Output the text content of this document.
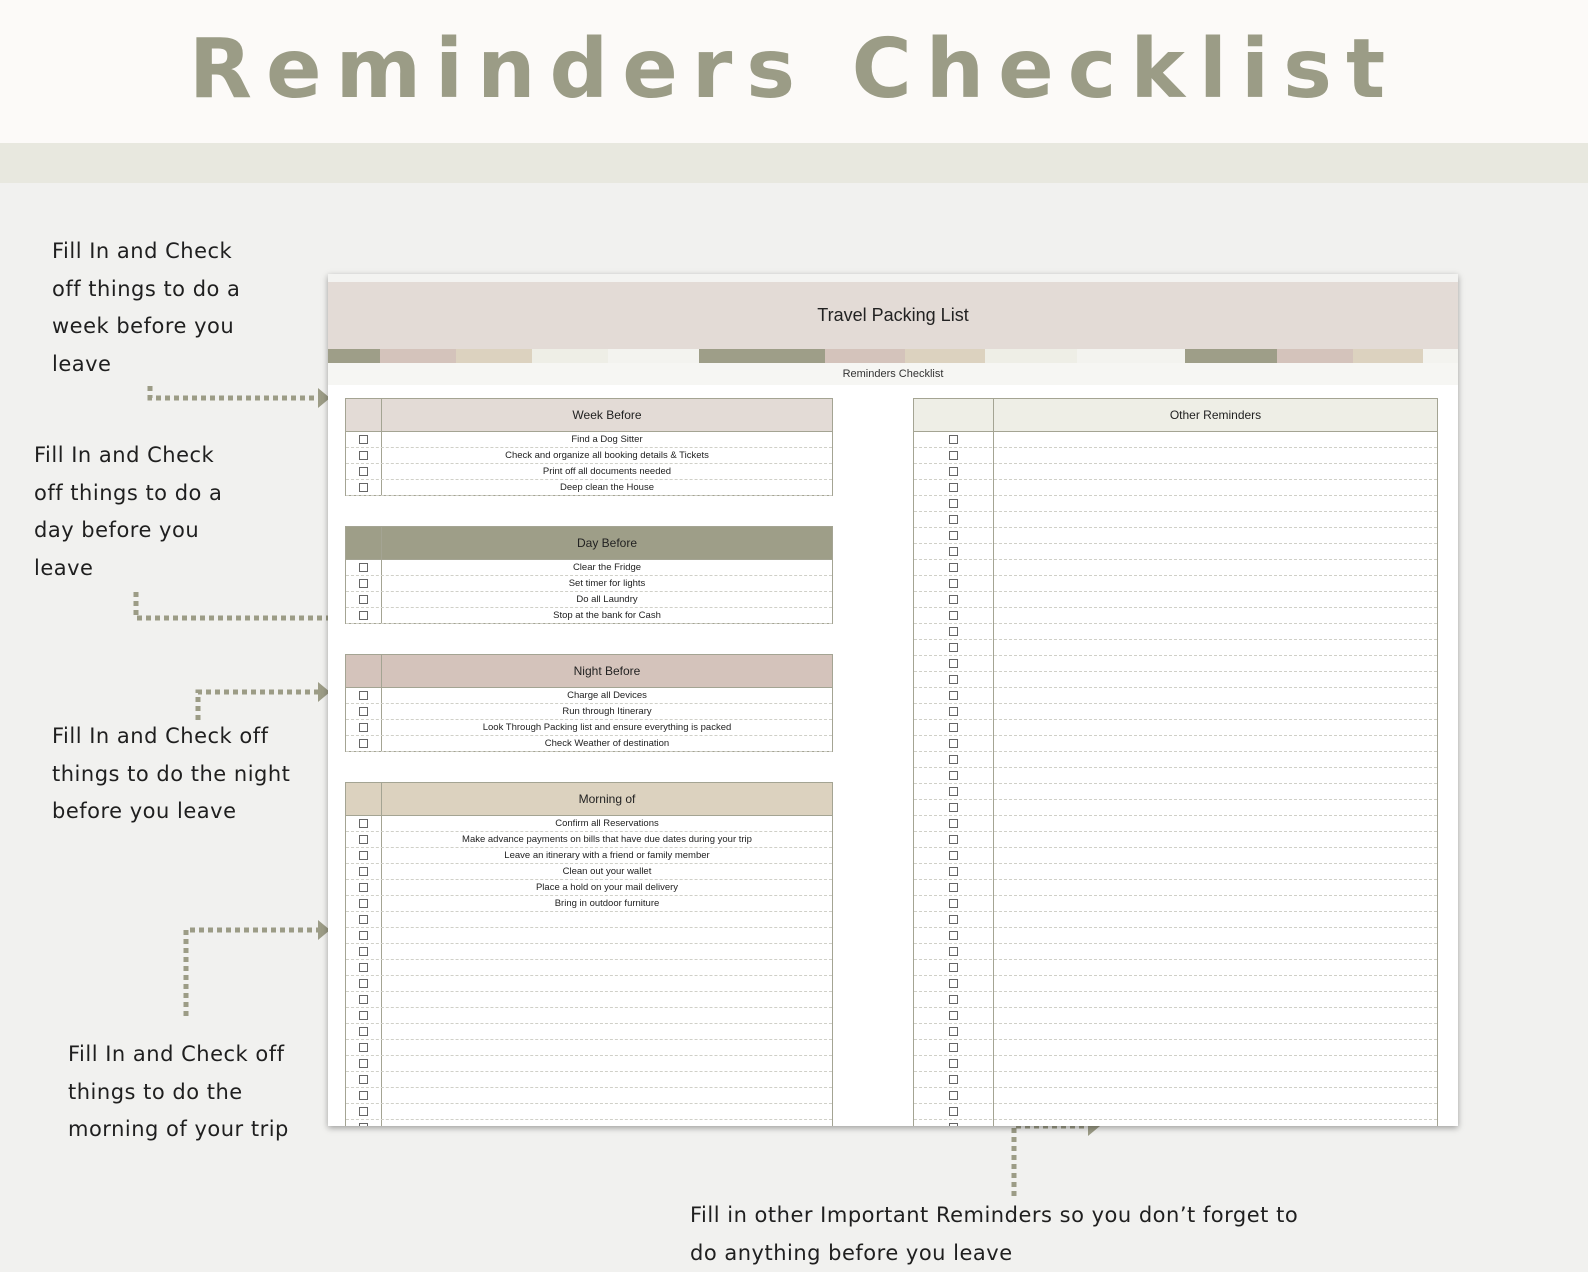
Reminders Checklist
Fill In and Check
off things to do a
week before you
leave
Fill In and Check
off things to do a
day before you
leave
Fill In and Check off
things to do the night
before you leave
Fill In and Check off
things to do the
morning of your trip
Fill in other Important Reminders so you don’t forget to
do anything before you leave
Travel Packing List
Reminders Checklist
Week Before
Find a Dog Sitter
Check and organize all booking details & Tickets
Print off all documents needed
Deep clean the House
Day Before
Clear the Fridge
Set timer for lights
Do all Laundry
Stop at the bank for Cash
Night Before
Charge all Devices
Run through Itinerary
Look Through Packing list and ensure everything is packed
Check Weather of destination
Morning of
Confirm all Reservations
Make advance payments on bills that have due dates during your trip
Leave an itinerary with a friend or family member
Clean out your wallet
Place a hold on your mail delivery
Bring in outdoor furniture
Other Reminders
